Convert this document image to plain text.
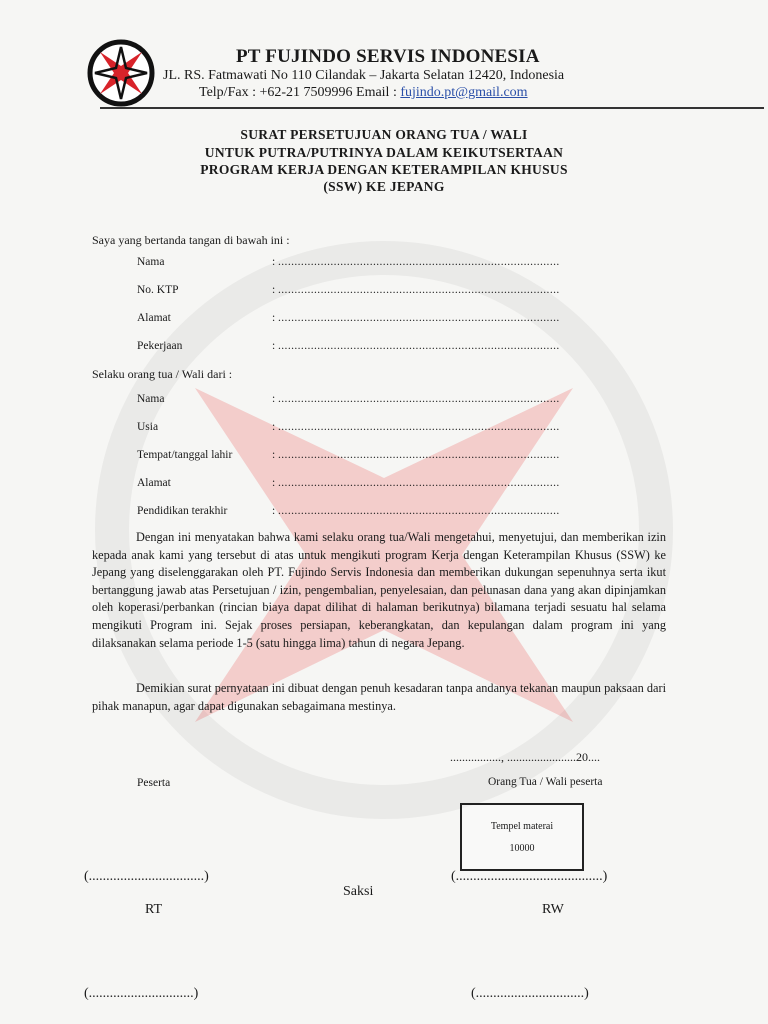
PT FUJINDO SERVIS INDONESIA
JL. RS. Fatmawati No 110 Cilandak – Jakarta Selatan 12420, Indonesia
Telp/Fax : +62-21 7509996 Email : fujindo.pt@gmail.com
SURAT PERSETUJUAN ORANG TUA / WALI
UNTUK PUTRA/PUTRINYA DALAM KEIKUTSERTAAN
PROGRAM KERJA DENGAN KETERAMPILAN KHUSUS
(SSW) KE JEPANG
Saya yang bertanda tangan di bawah ini :
Nama	: ......................................................................................
No. KTP	: ......................................................................................
Alamat	: ......................................................................................
Pekerjaan	: ......................................................................................
Selaku orang tua / Wali dari :
Nama	: ......................................................................................
Usia	: ......................................................................................
Tempat/tanggal lahir	: ......................................................................................
Alamat	: ......................................................................................
Pendidikan terakhir	: ......................................................................................
Dengan ini menyatakan bahwa kami selaku orang tua/Wali mengetahui, menyetujui, dan memberikan izin kepada anak kami yang tersebut di atas untuk mengikuti program Kerja dengan Keterampilan Khusus (SSW) ke Jepang yang diselenggarakan oleh PT. Fujindo Servis Indonesia dan memberikan dukungan sepenuhnya serta ikut bertanggung jawab atas Persetujuan / izin, pengembalian, penyelesaian, dan pelunasan dana yang akan dipinjamkan oleh koperasi/perbankan (rincian biaya dapat dilihat di halaman berikutnya) bilamana terjadi sesuatu hal selama mengikuti Program ini. Sejak proses persiapan, keberangkatan, dan kepulangan dalam program ini yang dilaksanakan selama periode 1-5 (satu hingga lima) tahun di negara Jepang.
Demikian surat pernyataan ini dibuat dengan penuh kesadaran tanpa andanya tekanan maupun paksaan dari pihak manapun, agar dapat digunakan sebagaimana mestinya.
................., .......................20....
Peserta	Orang Tua / Wali peserta
Tempel materai
10000
(.................................)	(..........................................)
Saksi
RT	RW
(..............................)	(...............................)
